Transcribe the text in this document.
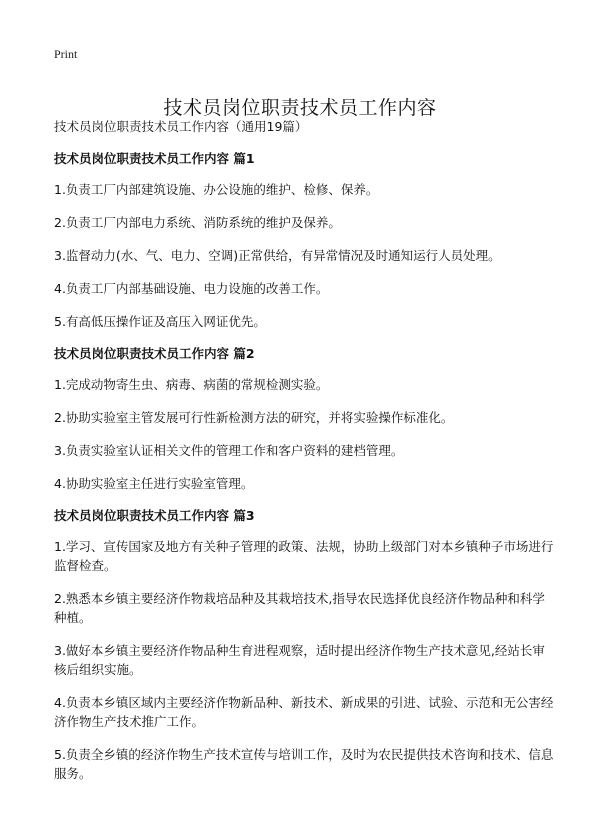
Print
技术员岗位职责技术员工作内容

技术员岗位职责技术员工作内容（通用19篇）

技术员岗位职责技术员工作内容 篇1

1.负责工厂内部建筑设施、办公设施的维护、检修、保养。

2.负责工厂内部电力系统、消防系统的维护及保养。

3.监督动力(水、气、电力、空调)正常供给，有异常情况及时通知运行人员处理。

4.负责工厂内部基础设施、电力设施的改善工作。

5.有高低压操作证及高压入网证优先。

技术员岗位职责技术员工作内容 篇2

1.完成动物寄生虫、病毒、病菌的常规检测实验。

2.协助实验室主管发展可行性新检测方法的研究，并将实验操作标准化。

3.负责实验室认证相关文件的管理工作和客户资料的建档管理。

4.协助实验室主任进行实验室管理。

技术员岗位职责技术员工作内容 篇3

1.学习、宣传国家及地方有关种子管理的政策、法规，协助上级部门对本乡镇种子市场进行监督检查。

2.熟悉本乡镇主要经济作物栽培品种及其栽培技术,指导农民选择优良经济作物品种和科学种植。

3.做好本乡镇主要经济作物品种生育进程观察，适时提出经济作物生产技术意见,经站长审核后组织实施。

4.负责本乡镇区域内主要经济作物新品种、新技术、新成果的引进、试验、示范和无公害经济作物生产技术推广工作。

5.负责全乡镇的经济作物生产技术宣传与培训工作，及时为农民提供技术咨询和技术、信息服务。
